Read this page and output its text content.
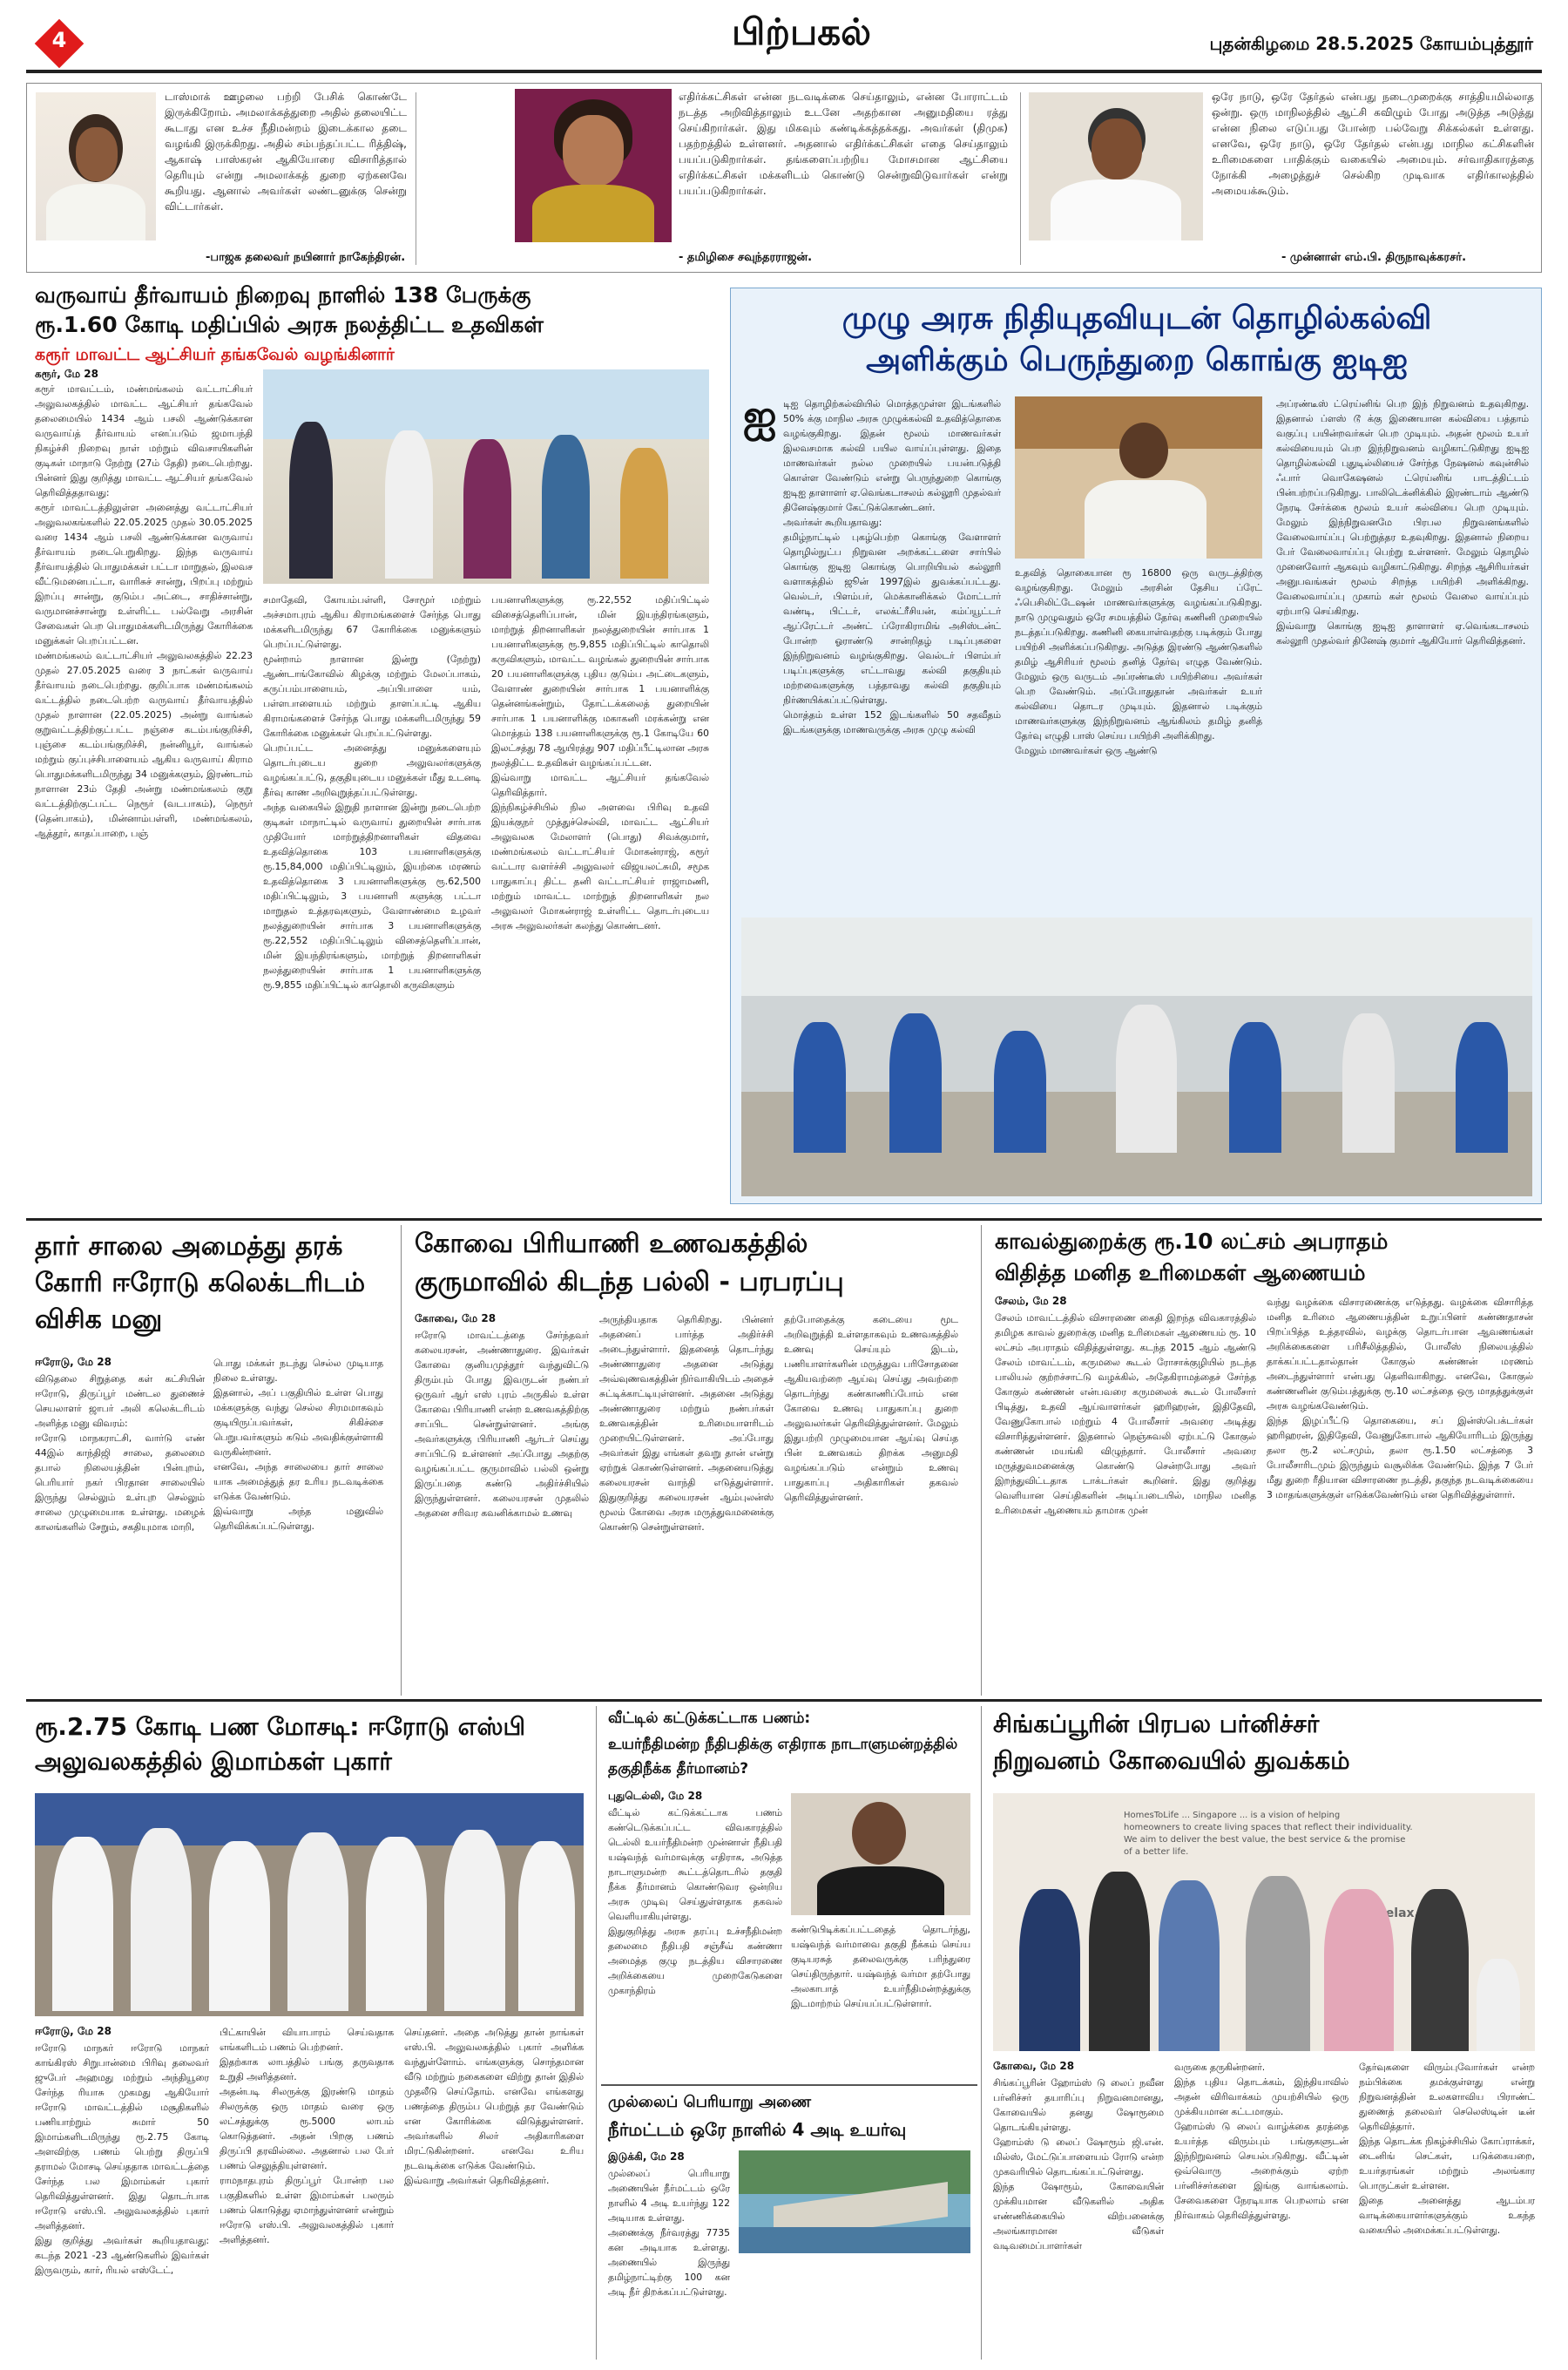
4	பிற்பகல்	புதன்கிழமை 28.5.2025 கோயம்புத்தூர்
டாஸ்மாக் ஊழலை பற்றி பேசிக் கொண்டே இருக்கிறோம். அமலாக்கத்துறை அதில் தலையிட்ட கூடாது என உச்ச நீதிமன்றம் இடைக்கால தடை வழங்கி இருக்கிறது. அதில் சம்பந்தப்பட்ட ரித்திஷ், ஆகாஷ் பாஸ்கரன் ஆகியோரை விசாரித்தால் தெரியும் என்று அமலாக்கத் துறை ஏற்கனவே கூறியது. ஆனால் அவர்கள் லண்டனுக்கு சென்று விட்டார்கள்.
-பாஜக தலைவர் நயினார் நாகேந்திரன்.
எதிர்க்கட்சிகள் என்ன நடவடிக்கை செய்தாலும், என்ன போராட்டம் நடத்த அறிவித்தாலும் உடனே அதற்கான அனுமதியை ரத்து செய்கிறார்கள். இது மிகவும் கண்டிக்கத்தக்கது. அவர்கள் (திமுக) பதற்றத்தில் உள்ளனர். அதனால் எதிர்க்கட்சிகள் எதை செய்தாலும் பயப்படுகிறார்கள். தங்களைப்பற்றிய மோசமான ஆட்சியை எதிர்க்கட்சிகள் மக்களிடம் கொண்டு சென்றுவிடுவார்கள் என்று பயப்படுகிறார்கள்.
- தமிழிசை சவுந்தரராஜன்.
ஒரே நாடு, ஒரே தேர்தல் என்பது நடைமுறைக்கு சாத்தியமில்லாத ஒன்று. ஒரு மாநிலத்தில் ஆட்சி கவிழும் போது அடுத்த அடுத்து என்ன நிலை எடுப்பது போன்ற பல்வேறு சிக்கல்கள் உள்ளது. எனவே, ஒரே நாடு, ஒரே தேர்தல் என்பது மாநில கட்சிகளின் உரிமைகளை பாதிக்கும் வகையில் அமையும். சர்வாதிகாரத்தை நோக்கி அழைத்துச் செல்கிற முடிவாக எதிர்காலத்தில் அமையக்கூடும்.
- முன்னாள் எம்.பி. திருநாவுக்கரசர்.
வருவாய் தீர்வாயம் நிறைவு நாளில் 138 பேருக்கு
ரூ.1.60 கோடி மதிப்பில் அரசு நலத்திட்ட உதவிகள்
கரூர் மாவட்ட ஆட்சியர் தங்கவேல் வழங்கினார்
கரூர், மே 28
கரூர் மாவட்டம், மண்மங்கலம் வட்டாட்சியர் அலுவலகத்தில் மாவட்ட ஆட்சியர் தங்கவேல் தலைமையில் 1434 ஆம் பசலி ஆண்டுக்கான வருவாய்த் தீர்வாயம் எனப்படும் ஜமாபந்தி நிகழ்ச்சி நிறைவு நாள் மற்றும் விவசாயிகளின் குடிகள் மாநாடு நேற்று (27ம் தேதி) நடைபெற்றது. பின்னர் இது குறித்து மாவட்ட ஆட்சியர் தங்கவேல் தெரிவித்ததாவது:
கரூர் மாவட்டத்திலுள்ள அனைத்து வட்டாட்சியர் அலுவலகங்களில் 22.05.2025 முதல் 30.05.2025 வரை 1434 ஆம் பசலி ஆண்டுக்கான வருவாய் தீர்வாயம் நடைபெறுகிறது. இந்த வருவாய் தீர்வாயத்தில் பொதுமக்கள் பட்டா மாறுதல், இலவச வீட்டுமனைபட்டா, வாரிசுச் சான்று, பிறப்பு மற்றும் இறப்பு சான்று, குடும்ப அட்டை, சாதிச்சான்று, வருமானச்சான்று உள்ளிட்ட பல்வேறு அரசின் சேவைகள் பெற பொதுமக்களிடமிருந்து கோரிக்கை மனுக்கள் பெறப்பட்டன.
மண்மங்கலம் வட்டாட்சியர் அலுவலகத்தில் 22.23 முதல் 27.05.2025 வரை 3 நாட்கள் வருவாய் தீர்வாயம் நடைபெற்றது. குறிப்பாக மண்மங்கலம் வட்டத்தில் நடைபெற்ற வருவாய் தீர்வாயத்தில் முதல் நாளான (22.05.2025) அன்று வாங்கல் குறுவட்டத்திற்குட்பட்ட நஞ்சை கடம்பங்குறிச்சி, புஞ்சை கடம்பங்குறிச்சி, நன்னியூர், வாங்கல் மற்றும் குப்புச்சிபாளையம் ஆகிய வருவாய் கிராம பொதுமக்களிடமிருந்து 34 மனுக்களும், இரண்டாம் நாளான 23ம் தேதி அன்று மண்மங்கலம் குறு வட்டத்திற்குட்பட்ட நெரூர் (வடபாகம்), நெரூர் (தென்பாகம்), மின்னாம்பள்ளி, மண்மங்கலம், ஆத்தூர், காதப்பாறை, பஞ்
சமாதேவி, கோயம்பள்ளி, சோமூர் மற்றும் அச்சமாபுரம் ஆகிய கிராமங்களைச் சேர்ந்த பொது மக்களிடமிருந்து 67 கோரிக்கை மனுக்களும் பெறப்பட்டுள்ளது.
மூன்றாம் நாளான இன்று (நேற்று) ஆண்டாங்கோவில் கிழக்கு மற்றும் மேலப்பாகம், கருப்பம்பாளையம், அப்பிபாளை யம், பள்ளபாளையம் மற்றும் தாளப்பட்டி ஆகிய கிராமங்களைச் சேர்ந்த பொது மக்களிடமிருந்து 59 கோரிக்கை மனுக்கள் பெறப்பட்டுள்ளது.
பெறப்பட்ட அனைத்து மனுக்களையும் தொடர்புடைய துறை அலுவலர்களுக்கு வழங்கப்பட்டு, தகுதியுடைய மனுக்கள் மீது உடனடி தீர்வு காண அறிவுறுத்தப்பட்டுள்ளது.
அந்த வகையில் இறுதி நாளான இன்று நடைபெற்ற குடிகள் மாநாட்டில் வருவாய் துறையின் சார்பாக முதியோர் மாற்றுத்திறனாளிகள் விதவை உதவித்தொகை 103 பயனாளிகளுக்கு ரூ.15,84,000 மதிப்பிட்டிலும், இயற்கை மரணம் உதவித்தொகை 3 பயனாளிகளுக்கு ரூ.62,500 மதிப்பிட்டிலும், 3 பயனாளி களுக்கு பட்டா மாறுதல் உத்தரவுகளும், வேளாண்மை உழவர் நலத்துறையின் சார்பாக 3 பயனாளிகளுக்கு ரூ.22,552 மதிப்பிட்டிலும் விசைத்தெளிப்பான், மின் இயந்திரங்களும், மாற்றுத் திறனாளிகள் நலத்துறையின் சார்பாக 1 பயனாளிகளுக்கு ரூ.9,855 மதிப்பிட்டில் காதொலி கருவிகளும்
பயனாளிகளுக்கு ரூ.22,552 மதிப்பிட்டில் விசைத்தெளிப்பான், மின் இயந்திரங்களும், மாற்றுத் திறனாளிகள் நலத்துறையின் சார்பாக 1 பயனாளிகளுக்கு ரூ.9,855 மதிப்பிட்டில் காதொலி கருவிகளும், மாவட்ட வழங்கல் துறையின் சார்பாக 20 பயனாளிகளுக்கு புதிய குடும்ப அட்டைகளும், வேளாண் துறையின் சார்பாக 1 பயனாளிக்கு தென்னங்கன்றும், தோட்டக்கலைத் துறையின் சார்பாக 1 பயனாளிக்கு மகாகனி மரக்கன்று என மொத்தம் 138 பயனாளிகளுக்கு ரூ.1 கோடியே 60 இலட்சத்து 78 ஆயிரத்து 907 மதிப்பீட்டிலான அரசு நலத்திட்ட உதவிகள் வழங்கப்பட்டன.
இவ்வாறு மாவட்ட ஆட்சியர் தங்கவேல் தெரிவித்தார்.
இந்நிகழ்ச்சியில் நில அளவை பிரிவு உதவி இயக்குநர் முத்துச்செல்வி, மாவட்ட ஆட்சியர் அலுவலக மேலாளர் (பொது) சிவக்குமார், மண்மங்கலம் வட்டாட்சியர் மோகன்ராஜ், கரூர் வட்டார வளர்ச்சி அலுவலர் விஜயலட்சுமி, சமூக பாதுகாப்பு திட்ட தனி வட்டாட்சியர் ராஜாமணி, மற்றும் மாவட்ட மாற்றுத் திறனாளிகள் நல அலுவலர் மோகன்ராஜ் உள்ளிட்ட தொடர்புடைய அரசு அலுவலர்கள் கலந்து கொண்டனர்.
முழு அரசு நிதியுதவியுடன் தொழில்கல்வி
அளிக்கும் பெருந்துறை கொங்கு ஐடிஐ
ஐ டிஐ தொழிற்கல்வியில் மொத்தமுள்ள இடங்களில் 50% க்கு மாநில அரசு முழுக்கல்வி உதவித்தொகை வழங்குகிறது. இதன் மூலம் மாணவர்கள் இலவசமாக கல்வி பயில வாய்ப்புள்ளது. இதை மாணவர்கள் நல்ல முறையில் பயன்படுத்தி கொள்ள வேண்டும் என்று பெருந்துறை கொங்கு ஐடிஐ தாளாளர் ஏ.வெங்கடாசலம் கல்லூரி முதல்வர் தினேஷ்குமார் கேட்டுக்கொண்டனர்.
அவர்கள் கூறியதாவது:
தமிழ்நாட்டில் புகழ்பெற்ற கொங்கு வேளாளர் தொழில்நுட்ப நிறுவன அறக்கட்டளை சார்பில் கொங்கு ஐடிஐ கொங்கு பொறியியல் கல்லூரி வளாகத்தில் ஜூன் 1997இல் துவக்கப்பட்டது. வெல்டர், பிளம்பர், மெக்கானிக்கல் மோட்டார் வண்டி, பிட்டர், எலக்ட்ரீசியன், கம்ப்யூட்டர் ஆப்ரேட்டர் அண்ட் ப்ரோகிராமிங் அசிஸ்டன்ட் போன்ற ஓராண்டு சான்றிதழ் படிப்புகளை இந்நிறுவனம் வழங்குகிறது. வெல்டர் பிளம்பர் படிப்புகளுக்கு எட்டாவது கல்வி தகுதியும் மற்றவைகளுக்கு பத்தாவது கல்வி தகுதியும் நிர்ணயிக்கப்பட்டுள்ளது.
மொத்தம் உள்ள 152 இடங்களில் 50 சதவீதம் இடங்களுக்கு மாணவருக்கு அரசு முழு கல்வி
உதவித் தொகையான ரூ 16800 ஒரு வருடத்திற்கு வழங்குகிறது. மேலும் அரசின் தேசிய ப்ரேட் ஃபெசிலிட்டேஷன் மாணவர்களுக்கு வழங்கப்படுகிறது. நாடு முழுவதும் ஒரே சமயத்தில் தேர்வு கணினி முறையில் நடத்தப்படுகிறது. கணினி கையாள்வதற்கு படிக்கும் போது பயிற்சி அளிக்கப்படுகிறது. அடுத்த இரண்டு ஆண்டுகளில் தமிழ் ஆசிரியர் மூலம் தனித் தேர்வு எழுத வேண்டும். மேலும் ஒரு வருடம் அப்ரண்டீஸ் பயிற்சியை அவர்கள் பெற வேண்டும். அப்போதுதான் அவர்கள் உயர் கல்வியை தொடர முடியும். இதனால் படிக்கும் மாணவர்களுக்கு இந்நிறுவனம் ஆங்கிலம் தமிழ் தனித் தேர்வு எழுதி பாஸ் செய்ய பயிற்சி அளிக்கிறது.
மேலும் மாணவர்கள் ஒரு ஆண்டு
அப்ரண்டீஸ் ட்ரெய்னிங் பெற இந் நிறுவனம் உதவுகிறது. இதனால் ப்ளஸ் டூ க்கு இணையான கல்வியை பத்தாம் வகுப்பு பயின்றவர்கள் பெற முடியும். அதன் மூலம் உயர் கல்வியையும் பெற இந்நிறுவனம் வழிகாட்டுகிறது ஐடிஐ தொழில்கல்வி புதுடில்லியைச் சேர்ந்த நேஷனல் கவுன்சில் ஃபார் வொகேஷனல் ட்ரெய்னிங் பாடத்திட்டம் பின்பற்றப்படுகிறது. பாலிடெக்னிக்கில் இரண்டாம் ஆண்டு நேரடி சேர்க்கை மூலம் உயர் கல்வியை பெற முடியும். மேலும் இந்நிறுவனமே பிரபல நிறுவனங்களில் வேலைவாய்ப்பு பெற்றுத்தர உதவுகிறது. இதனால் நிறைய பேர் வேலைவாய்ப்பு பெற்று உள்ளனர். மேலும் தொழில் முனைவோர் ஆகவும் வழிகாட்டுகிறது. சிறந்த ஆசிரியர்கள் அனுபவங்கள் மூலம் சிறந்த பயிற்சி அளிக்கிறது. வேலைவாய்ப்பு முகாம் கள் மூலம் வேலை வாய்ப்பும் ஏற்பாடு செய்கிறது.
இவ்வாறு கொங்கு ஐடிஐ தாளாளர் ஏ.வெங்கடாசலம் கல்லூரி முதல்வர் தினேஷ் குமார் ஆகியோர் தெரிவித்தனர்.
தார் சாலை அமைத்து தரக் கோரி ஈரோடு கலெக்டரிடம் விசிக மனு
ஈரோடு, மே 28
விடுதலை சிறுத்தை கள் கட்சியின் ஈரோடு, திருப்பூர் மண்டல துணைச் செயலாளர் ஜாபர் அலி கலெக்டரிடம் அளித்த மனு விவரம்:
ஈரோடு மாநகராட்சி, வார்டு எண் 44இல் காந்திஜி சாலை, தலைமை தபால் நிலையத்தின் பின்புறம், பெரியார் நகர் பிரதான சாலையில் இருந்து செல்லும் உள்புற செல்லும் சாலை முழுமையாக உள்ளது. மழைக் காலங்களில் சேறும், சகதியுமாக மாறி,
பொது மக்கள் நடந்து செல்ல முடியாத நிலை உள்ளது.
இதனால், அப் பகுதியில் உள்ள பொது மக்களுக்கு வந்து செல்ல சிரமமாகவும் குடியிருப்பவர்கள், சிகிச்சை பெறுபவர்களும் கடும் அவதிக்குள்ளாகி வருகின்றனர்.
எனவே, அந்த சாலையை தார் சாலை யாக அமைத்துத் தர உரிய நடவடிக்கை எடுக்க வேண்டும்.
இவ்வாறு அந்த மனுவில் தெரிவிக்கப்பட்டுள்ளது.
கோவை பிரியாணி உணவகத்தில்
குருமாவில் கிடந்த பல்லி - பரபரப்பு
கோவை, மே 28
ஈரோடு மாவட்டத்தை சேர்ந்தவர் கலையரசன், அண்ணாதுரை. இவர்கள் கோவை குனியமுத்தூர் வந்துவிட்டு திரும்பும் போது இவருடன் நண்பர் ஒருவர் ஆர் எஸ் புரம் அருகில் உள்ள கோவை பிரியாணி என்ற உணவகத்திற்கு சாப்பிட சென்றுள்ளனர். அங்கு அவர்களுக்கு பிரியாணி ஆர்டர் செய்து சாப்பிட்டு உள்ளனர் அப்போது அதற்கு வழங்கப்பட்ட குருமாவில் பல்லி ஒன்று இருப்பதை கண்டு அதிர்ச்சியில் இருந்துள்ளனர். கலையரசன் முதலில் அதனை சரிவர கவனிக்காமல் உணவு
அருந்தியதாக தெரிகிறது. பின்னர் அதனைப் பார்த்த அதிர்ச்சி அடைந்துள்ளார். இதனைத் தொடர்ந்து அண்ணாதுரை அதனை அடுத்து அவ்வுணவகத்தின் நிர்வாகியிடம் அதைச் சுட்டிக்காட்டியுள்ளனர். அதனை அடுத்து அண்ணாதுரை மற்றும் நண்பர்கள் உணவகத்தின் உரிமையாளரிடம் முறையிட்டுள்ளனர். அப்போது அவர்கள் இது எங்கள் தவறு தான் என்று ஏற்றுக் கொண்டுள்ளனர். அதனையடுத்து கலையரசன் வாந்தி எடுத்துள்ளார். இதுகுறித்து கலையரசன் ஆம்புலன்ஸ் மூலம் கோவை அரசு மருத்துவமனைக்கு கொண்டு சென்றுள்ளனர்.
தற்போதைக்கு கடையை மூட அறிவுறுத்தி உள்ளதாகவும் உணவகத்தில் உணவு செய்யும் இடம், பணியாளர்களின் மருத்துவ பரிசோதனை ஆகியவற்றை ஆய்வு செய்து அவற்றை தொடர்ந்து கண்காணிப்போம் என கோவை உணவு பாதுகாப்பு துறை அலுவலர்கள் தெரிவித்துள்ளனர். மேலும் இதுபற்றி முழுமையான ஆய்வு செய்த பின் உணவகம் திறக்க அனுமதி வழங்கப்படும் என்றும் உணவு பாதுகாப்பு அதிகாரிகள் தகவல் தெரிவித்துள்ளனர்.
காவல்துறைக்கு ரூ.10 லட்சம் அபராதம்
விதித்த மனித உரிமைகள் ஆணையம்
சேலம், மே 28
சேலம் மாவட்டத்தில் விசாரணை கைதி இறந்த விவகாரத்தில் தமிழக காவல் துறைக்கு மனித உரிமைகள் ஆணையம் ரூ. 10 லட்சம் அபராதம் விதித்துள்ளது. கடந்த 2015 ஆம் ஆண்டு சேலம் மாவட்டம், கருமலை கூடல் ரோசாக்குழியில் நடந்த பாலியல் குற்றச்சாட்டு வழக்கில், அதேகிராமத்தைச் சேர்ந்த கோகுல் கண்ணன் என்பவரை கருமலைக் கூடல் போலீசார் பிடித்து, உதவி ஆய்வாளர்கள் ஹரிஹரன், இதிதேவி, வேணுகோபால் மற்றும் 4 போலீசார் அவரை அடித்து விசாரித்துள்ளனர். இதனால் நெஞ்சுவலி ஏற்பட்டு கோகுல் கண்ணன் மயங்கி விழுந்தார். போலீசார் அவரை மருத்துவமனைக்கு கொண்டு சென்றபோது அவர் இறந்துவிட்டதாக டாக்டர்கள் கூறினர். இது குறித்து வெளியான செய்திகளின் அடிப்படையில், மாநில மனித உரிமைகள் ஆணையம் தாமாக முன்
வந்து வழக்கை விசாரணைக்கு எடுத்தது. வழக்கை விசாரித்த மனித உரிமை ஆணையத்தின் உறுப்பினர் கண்ணதாசன் பிறப்பித்த உத்தரவில், வழக்கு தொடர்பான ஆவணங்கள் அறிக்கைகளை பரிசீலித்ததில், போலீஸ் நிலையத்தில் தாக்கப்பட்டதால்தான் கோகுல் கண்ணன் மரணம் அடைந்துள்ளார் என்பது தெளிவாகிறது. எனவே, கோகுல் கண்ணனின் குடும்பத்துக்கு ரூ.10 லட்சத்தை ஒரு மாதத்துக்குள் அரசு வழங்கவேண்டும்.
இந்த இழப்பீட்டு தொகையை, சப் இன்ஸ்பெக்டர்கள் ஹரிஹரன், இதிதேவி, வேணுகோபால் ஆகியோரிடம் இருந்து தலா ரூ.2 லட்சமும், தலா ரூ.1.50 லட்சத்தை 3 போலீசாரிடமும் இருந்தும் வசூலிக்க வேண்டும். இந்த 7 பேர் மீது துறை ரீதியான விசாரணை நடத்தி, தகுந்த நடவடிக்கையை 3 மாதங்களுக்குள் எடுக்கவேண்டும் என தெரிவித்துள்ளார்.
ரூ.2.75 கோடி பண மோசடி: ஈரோடு எஸ்பி அலுவலகத்தில் இமாம்கள் புகார்
ஈரோடு, மே 28
ஈரோடு மாநகர் ஈரோடு மாநகர் காங்கிரஸ் சிறுபான்மை பிரிவு தலைவர் ஜுபேர் அஹமது மற்றும் அந்தியூரை சேர்ந்த ரியாசு முகமது ஆகியோர் ஈரோடு மாவட்டத்தில் மசூதிகளில் பணியாற்றும் சுமார் 50 இமாம்களிடமிருந்து ரூ.2.75 கோடி அளவிற்கு பணம் பெற்று திருப்பி தராமல் மோசடி செய்ததாக மாவட்டத்தை சேர்ந்த பல இமாம்கள் புகார் தெரிவித்துள்ளனர். இது தொடர்பாக ஈரோடு எஸ்.பி. அலுவலகத்தில் புகார் அளித்தனர்.
இது குறித்து அவர்கள் கூறியதாவது: கடந்த 2021 -23 ஆண்டுகளில் இவர்கள் இருவரும், கார், ரியல் எஸ்டேட்,
பிட்காயின் வியாபாரம் செய்வதாக எங்களிடம் பணம் பெற்றனர்.
இதற்காக லாபத்தில் பங்கு தருவதாக உறுதி அளித்தனர்.
அதன்படி சிலருக்கு இரண்டு மாதம் சிலருக்கு ஒரு மாதம் வரை ஒரு லட்சத்துக்கு ரூ.5000 லாபம் கொடுத்தனர். அதன் பிறகு பணம் திருப்பி தரவில்லை. அதனால் பல பேர் பணம் செலுத்தியுள்ளனர்.
ராமநாதபுரம் திருப்பூர் போன்ற பல பகுதிகளில் உள்ள இமாம்கள் பலரும் பணம் கொடுத்து ஏமாந்துள்ளனர் என்றும் ஈரோடு எஸ்.பி. அலுவலகத்தில் புகார் அளித்தனர்.
செய்தனர். அதை அடுத்து தான் நாங்கள் எஸ்.பி. அலுவலகத்தில் புகார் அளிக்க வந்துள்ளோம். எங்களுக்கு சொந்தமான வீடு மற்றும் நகைகளை விற்று தான் இதில் முதலீடு செய்தோம். எனவே எங்களது பணத்தை திரும்ப பெற்றுத் தர வேண்டும் என கோரிக்கை விடுத்துள்ளனர். அவர்களில் சிலர் அதிகாரிகளை மிரட்டுகின்றனர். எனவே உரிய நடவடிக்கை எடுக்க வேண்டும்.
இவ்வாறு அவர்கள் தெரிவித்தனர்.
வீட்டில் கட்டுக்கட்டாக பணம்:
உயர்நீதிமன்ற நீதிபதிக்கு எதிராக நாடாளுமன்றத்தில் தகுதிநீக்க தீர்மானம்?
புதுடெல்லி, மே 28
வீட்டில் கட்டுக்கட்டாக பணம் கண்டெடுக்கப்பட்ட விவகாரத்தில் டெல்லி உயர்நீதிமன்ற முன்னாள் நீதிபதி யஷ்வந்த் வர்மாவுக்கு எதிராக, அடுத்த நாடாளுமன்ற கூட்டத்தொடரில் தகுதி நீக்க தீர்மானம் கொண்டுவர ஒன்றிய அரசு முடிவு செய்துள்ளதாக தகவல் வெளியாகியுள்ளது.
இதுகுறித்து அரசு தரப்பு உச்சநீதிமன்ற தலைமை நீதிபதி சஞ்சீவ் கண்ணா அமைத்த குழு நடத்திய விசாரணை அறிக்கையை முறைகேடுகளை முகாந்திரம்
கண்டுபிடிக்கப்பட்டதைத் தொடர்ந்து, யஷ்வந்த் வர்மாவை தகுதி நீக்கம் செய்ய குடியரசுத் தலைவருக்கு பரிந்துரை செய்திருந்தார். யஷ்வந்த் வர்மா தற்போது அலகாபாத் உயர்நீதிமன்றத்துக்கு இடமாற்றம் செய்யப்பட்டுள்ளார்.
முல்லைப் பெரியாறு அணை
நீர்மட்டம் ஒரே நாளில் 4 அடி உயர்வு
இடுக்கி, மே 28
முல்லைப் பெரியாறு அணையின் நீர்மட்டம் ஒரே நாளில் 4 அடி உயர்ந்து 122 அடியாக உள்ளது.
அணைக்கு நீர்வரத்து 7735 கன அடியாக உள்ளது. அணையில் இருந்து தமிழ்நாட்டிற்கு 100 கன அடி நீர் திறக்கப்பட்டுள்ளது.
சிங்கப்பூரின் பிரபல பர்னிச்சர்
நிறுவனம் கோவையில் துவக்கம்
HomesToLife ... Singapore ... is a vision of helping
homeowners to create living spaces that reflect their individuality.
We aim to deliver the best value, the best service & the promise
of a better life.
Relax.
கோவை, மே 28
சிங்கப்பூரின் ஹோம்ஸ் டு லைப் நவீன பர்னிச்சர் தயாரிப்பு நிறுவனமானது, கோவையில் தனது ஷோரூமை தொடங்கியுள்ளது.
ஹோம்ஸ் டு லைப் ஷோரூம் ஜி.என். மில்ஸ், மேட்டுப்பாளையம் ரோடு என்ற முகவரியில் தொடங்கப்பட்டுள்ளது.
இந்த ஷோரூம், கோவையின் முக்கியமான வீடுகளில் அதிக எண்ணிக்கையில் விற்பனைக்கு அலங்காரமான வீடுகள் வடிவமைப்பாளர்கள்
வருகை தருகின்றனர்.
இந்த புதிய தொடக்கம், இந்தியாவில் அதன் விரிவாக்கம் முயற்சியில் ஒரு முக்கியமான கட்டமாகும்.
ஹோம்ஸ் டு லைப் வாழ்க்கை தரத்தை உயர்த்த விரும்பும் பங்குகளுடன் இந்நிறுவனம் செயல்படுகிறது. வீட்டின் ஒவ்வொரு அறைக்கும் ஏற்ற பர்னிச்சர்களை இங்கு வாங்கலாம். சேவைகளை நேரடியாக பெறலாம் என நிர்வாகம் தெரிவித்துள்ளது.
தேர்வுகளை விரும்புவோர்கள் என்ற நம்பிக்கை தமக்குள்ளது என்று நிறுவனத்தின் உலகளாவிய பிராண்ட் துணைத் தலைவர் செலெஸ்டின் டீன் தெரிவித்தார்.
இந்த தொடக்க நிகழ்ச்சியில் கோப்ராக்கர், டைனிங் செட்கள், படுக்கையறை, உயர்தரங்கள் மற்றும் அலங்கார பொருட்கள் உள்ளன.
இதை அனைத்து ஆடம்பர வாடிக்கையாளர்களுக்கும் உகந்த வகையில் அமைக்கப்பட்டுள்ளது.
